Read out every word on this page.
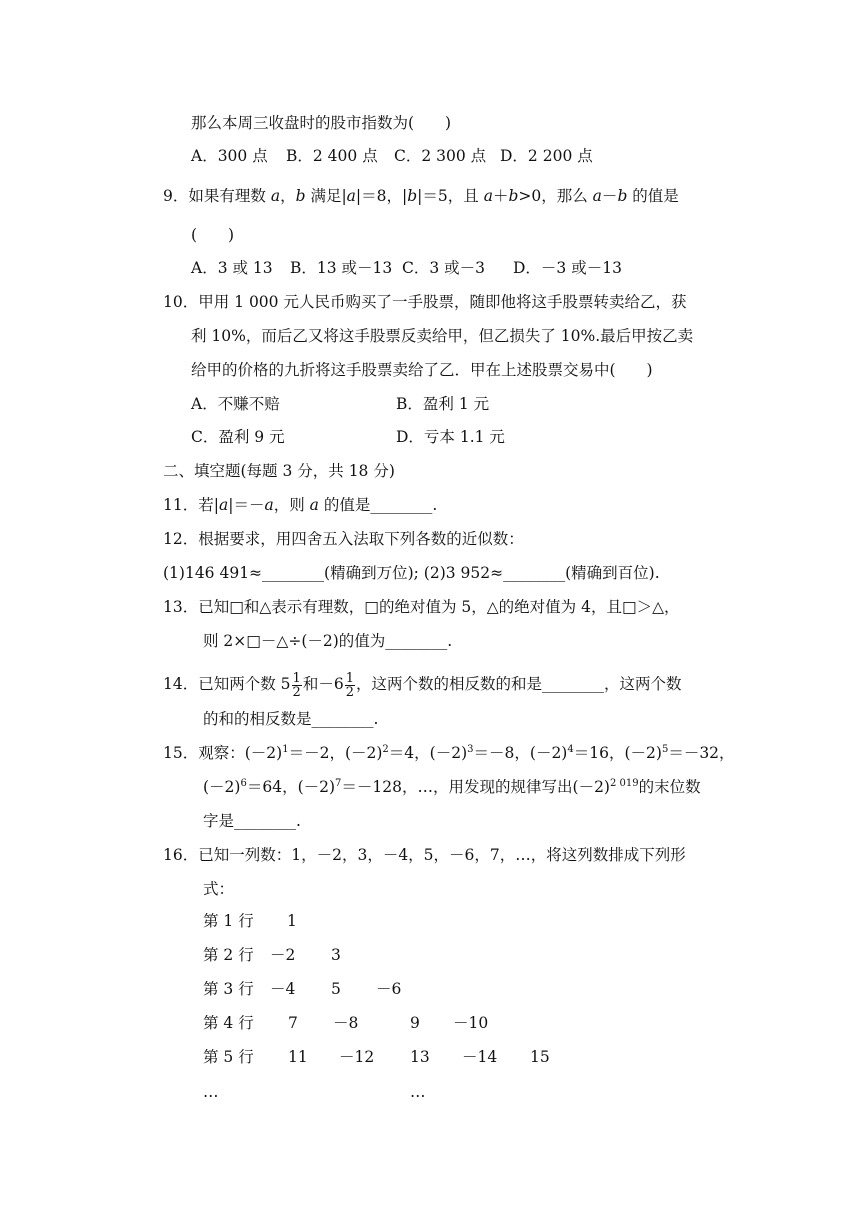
那么本周三收盘时的股市指数为(　　)
A．300 点 B．2 400 点 C．2 300 点 D．2 200 点
9．如果有理数 a，b 满足|a|＝8，|b|＝5，且 a＋b>0，那么 a－b 的值是
(　　)
A．3 或 13 B．13 或－13 C．3 或－3 D．－3 或－13
10．甲用 1 000 元人民币购买了一手股票，随即他将这手股票转卖给乙，获
利 10%，而后乙又将这手股票反卖给甲，但乙损失了 10%.最后甲按乙卖
给甲的价格的九折将这手股票卖给了乙．甲在上述股票交易中(　　)
A．不赚不赔	B．盈利 1 元
C．盈利 9 元	D．亏本 1.1 元
二、填空题(每题 3 分，共 18 分)
11．若|a|＝－a，则 a 的值是________.
12．根据要求，用四舍五入法取下列各数的近似数：
(1)146 491≈________(精确到万位); (2)3 952≈________(精确到百位).
13．已知□和△表示有理数，□的绝对值为 5，△的绝对值为 4，且□＞△，
则 2×□－△÷(－2)的值为________.
14．已知两个数 $5 \frac{1}{2}$ 和$-6 \frac{1}{2}$ ，这两个数的相反数的和是________，这两个数
的和的相反数是________.
15．观察：$(-2)^1=-2$，$(-2)^2=4$，$(-2)^3=-8$，$(-2)^4=16$，$(-2)^5=-32$，
$(-2)^6=64$，$(-2)^7=-128$，…，用发现的规律写出$(-2)^{2 019}$的末位数
字是________.
16．已知一列数：1，－2，3，－4，5，－6，7，…，将这列数排成下列形
式：
第 1 行 1
第 2 行 －2 3
第 3 行 －4 5 －6
第 4 行 7 －8	9 －10
第 5 行 11 －12 13 －14 15
…	…
